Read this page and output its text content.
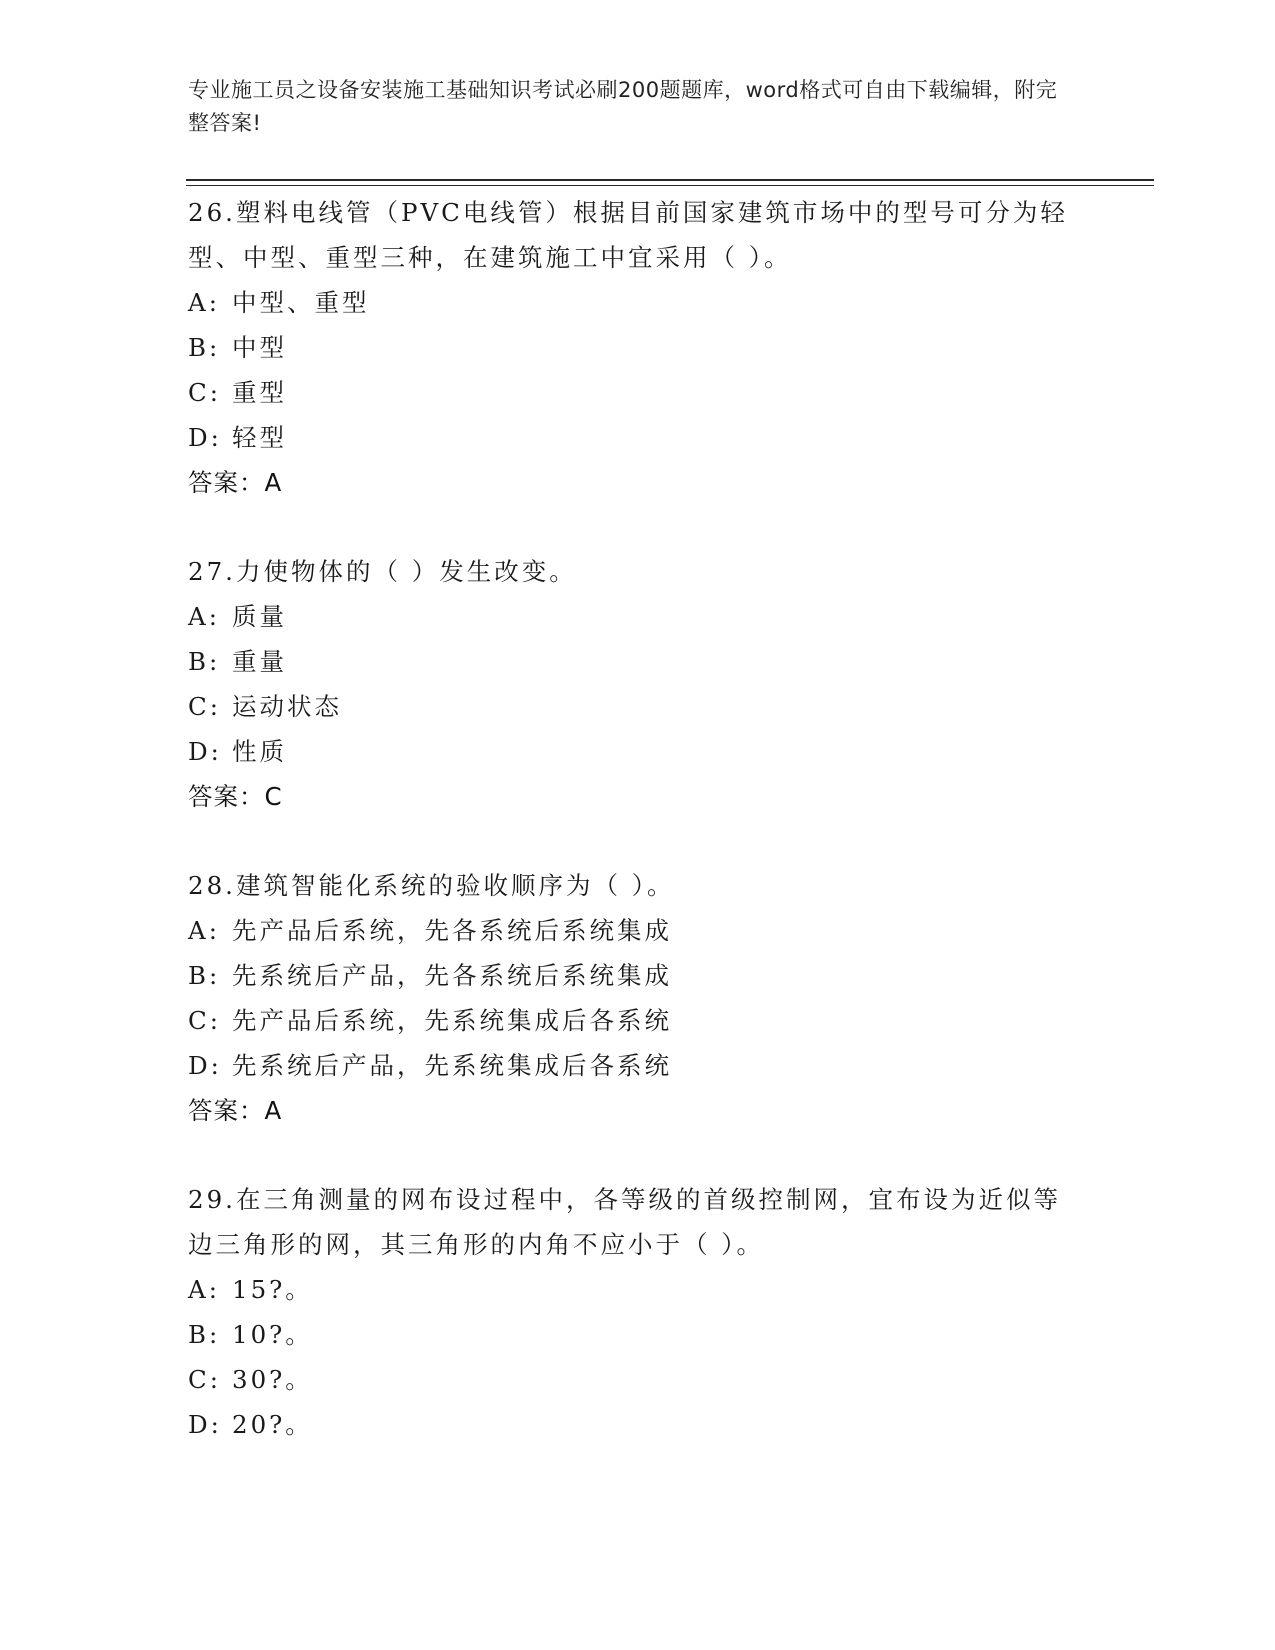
专业施工员之设备安装施工基础知识考试必刷200题题库，word格式可自由下载编辑，附完整答案!
26.塑料电线管（PVC电线管）根据目前国家建筑市场中的型号可分为轻型、中型、重型三种，在建筑施工中宜采用（ ）。
A: 中型、重型
B: 中型
C: 重型
D: 轻型
答案：A
27.力使物体的（ ）发生改变。
A: 质量
B: 重量
C: 运动状态
D: 性质
答案：C
28.建筑智能化系统的验收顺序为（ ）。
A: 先产品后系统，先各系统后系统集成
B: 先系统后产品，先各系统后系统集成
C: 先产品后系统，先系统集成后各系统
D: 先系统后产品，先系统集成后各系统
答案：A
29.在三角测量的网布设过程中，各等级的首级控制网，宜布设为近似等边三角形的网，其三角形的内角不应小于（ ）。
A: 15?。
B: 10?。
C: 30?。
D: 20?。
